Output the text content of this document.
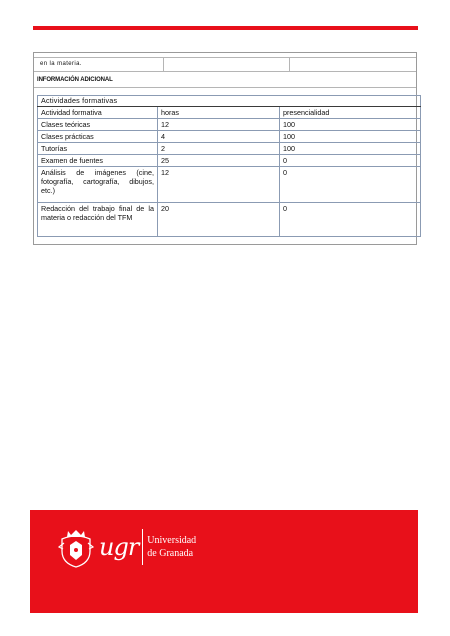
en la materia.
INFORMACIÓN ADICIONAL
Actividades formativas		
Actividad formativa	horas	presencialidad
Clases teóricas	12	100
Clases prácticas	4	100
Tutorías	2	100
Examen de fuentes	25	0
Análisis de imágenes (cine, fotografía, cartografía, dibujos, etc.)	12	0
Redacción del trabajo final de la materia o redacción del TFM	20	0
ugr Universidad
de Granada
